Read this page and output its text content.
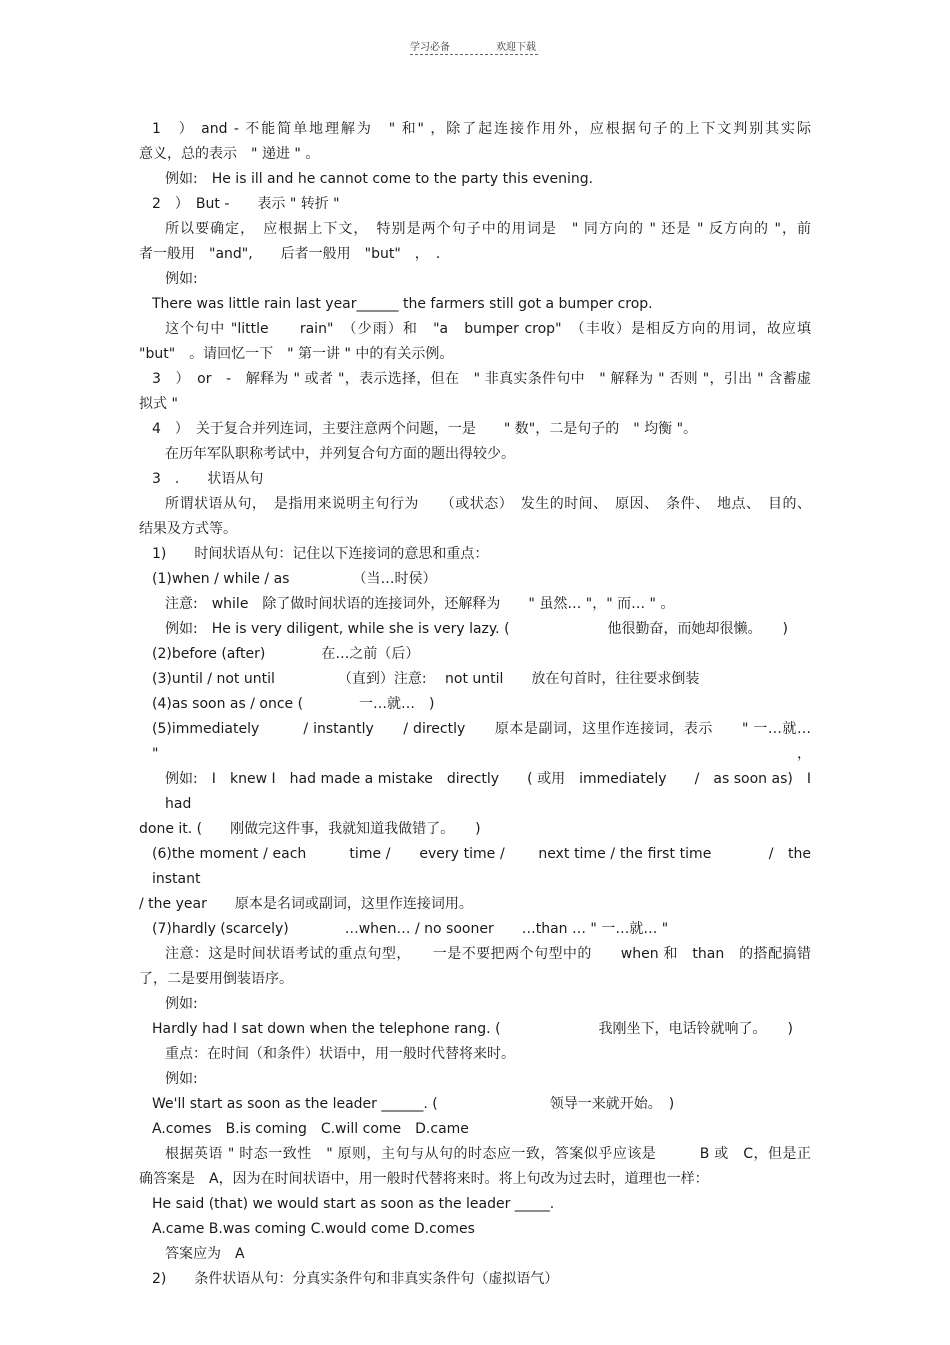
学习必备	欢迎下载
1　） and - 不能简单地理解为　" 和" ，除了起连接作用外，应根据句子的上下文判别其实际
意义，总的表示　" 递进 " 。
例如:　He is ill and he cannot come to the party this evening.
2　）　But -　　表示 " 转折 "
所以要确定，　应根据上下文，　特别是两个句子中的用词是　" 同方向的 " 还是 " 反方向的 "，前
者一般用　"and",　　后者一般用　"but"　，　.
例如:
There was little rain last year______ the farmers still got a bumper crop.
这个句中 "little　　rain"　（少雨）和　"a　bumper crop"　（丰收）是相反方向的用词，故应填
"but"　。请回忆一下　" 第一讲 " 中的有关示例。
3　）　or　-　解释为 " 或者 "，表示选择，但在　" 非真实条件句中　" 解释为 " 否则 "，引出 " 含蓄虚
拟式 "
4　）　关于复合并列连词，主要注意两个问题，一是　　" 数"，二是句子的　" 均衡 "。
在历年军队职称考试中，并列复合句方面的题出得较少。
3　.　　状语从句
所谓状语从句，　是指用来说明主句行为　　（或状态）　发生的时间、　原因、　条件、　地点、　目的、
结果及方式等。
1)　　时间状语从句：记住以下连接词的意思和重点：
(1)when / while / as　　　　　（当…时侯）
注意:　while　除了做时间状语的连接词外，还解释为　　" 虽然… "，" 而… " 。
例如:　He is very diligent, while she is very lazy. (　　　　　　　他很勤奋，而她却很懒。　　)
(2)before (after)　　　　在…之前（后）
(3)until / not until　　　　　（直到）注意:　 not until　　放在句首时，往往要求倒装
(4)as soon as / once (　　　　一…就…　)
(5)immediately　　　/ instantly　　/ directly　　原本是副词，这里作连接词，表示　　" 一…就… "，
例如:　I　knew I　had made a mistake　directly　　( 或用　immediately　　/　as soon as)　I　had
done it. (　　刚做完这件事，我就知道我做错了。　　)
(6)the moment / each　　　time /　　every time /　　 next time / the first time　　　　/　the　instant
/ the year　　原本是名词或副词，这里作连接词用。
(7)hardly (scarcely)　　　　…when… / no sooner　　…than … " 一…就… "
注意：这是时间状语考试的重点句型，　　一是不要把两个句型中的　　when 和　than　的搭配搞错
了，二是要用倒装语序。
例如:
Hardly had I sat down when the telephone rang. (　　　　　　　我刚坐下，电话铃就响了。　　)
重点：在时间（和条件）状语中，用一般时代替将来时。
例如:
We'll start as soon as the leader ______. (　　　　　　　　领导一来就开始。　)
A.comes　B.is coming　C.will come　D.came
根据英语 " 时态一致性　" 原则，主句与从句的时态应一致，答案似乎应该是　　　B 或　C，但是正
确答案是　A，因为在时间状语中，用一般时代替将来时。将上句改为过去时，道理也一样：
He said (that) we would start as soon as the leader _____.
A.came B.was coming C.would come D.comes
答案应为　A
2)　　条件状语从句：分真实条件句和非真实条件句（虚拟语气）
